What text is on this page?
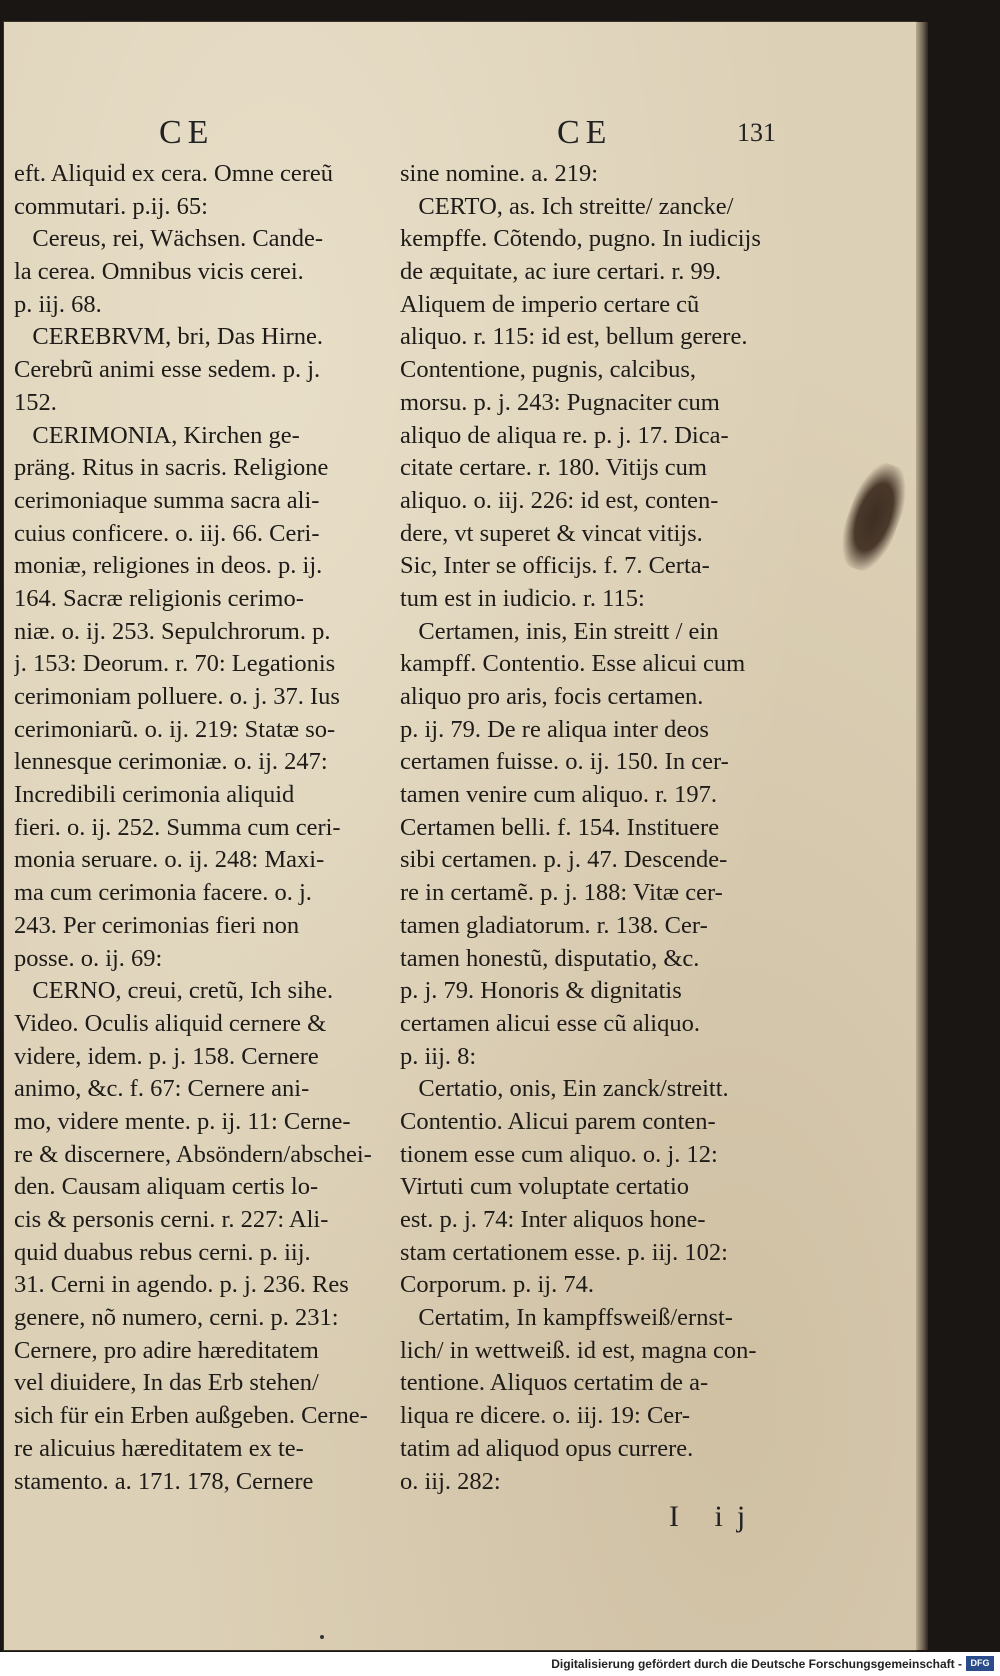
CE	CE	131
eft. Aliquid ex cera. Omne cereũ
commutari. p.ij. 65:
Cereus, rei, Wächsen. Cande-
la cerea. Omnibus vicis cerei.
p. iij. 68.
CEREBRVM, bri, Das Hirne.
Cerebrũ animi esse sedem. p. j.
152.
CERIMONIA, Kirchen ge-
präng. Ritus in sacris. Religione
cerimoniaque summa sacra ali-
cuius conficere. o. iij. 66. Ceri-
moniæ, religiones in deos. p. ij.
164. Sacræ religionis cerimo-
niæ. o. ij. 253. Sepulchrorum. p.
j. 153: Deorum. r. 70: Legationis
cerimoniam polluere. o. j. 37. Ius
cerimoniarũ. o. ij. 219: Statæ so-
lennesque cerimoniæ. o. ij. 247:
Incredibili cerimonia aliquid
fieri. o. ij. 252. Summa cum ceri-
monia seruare. o. ij. 248: Maxi-
ma cum cerimonia facere. o. j.
243. Per cerimonias fieri non
posse. o. ij. 69:
CERNO, creui, cretũ, Ich sihe.
Video. Oculis aliquid cernere &
videre, idem. p. j. 158. Cernere
animo, &c. f. 67: Cernere ani-
mo, videre mente. p. ij. 11: Cerne-
re & discernere, Absöndern/abschei-
den. Causam aliquam certis lo-
cis & personis cerni. r. 227: Ali-
quid duabus rebus cerni. p. iij.
31. Cerni in agendo. p. j. 236. Res
genere, nõ numero, cerni. p. 231:
Cernere, pro adire hæreditatem
vel diuidere, In das Erb stehen/
sich für ein Erben außgeben. Cerne-
re alicuius hæreditatem ex te-
stamento. a. 171. 178, Cernere
sine nomine. a. 219:
CERTO, as. Ich streitte/ zancke/
kempffe. Cõtendo, pugno. In iudicijs
de æquitate, ac iure certari. r. 99.
Aliquem de imperio certare cũ
aliquo. r. 115: id est, bellum gerere.
Contentione, pugnis, calcibus,
morsu. p. j. 243: Pugnaciter cum
aliquo de aliqua re. p. j. 17. Dica-
citate certare. r. 180. Vitijs cum
aliquo. o. iij. 226: id est, conten-
dere, vt superet & vincat vitijs.
Sic, Inter se officijs. f. 7. Certa-
tum est in iudicio. r. 115:
Certamen, inis, Ein streitt / ein
kampff. Contentio. Esse alicui cum
aliquo pro aris, focis certamen.
p. ij. 79. De re aliqua inter deos
certamen fuisse. o. ij. 150. In cer-
tamen venire cum aliquo. r. 197.
Certamen belli. f. 154. Instituere
sibi certamen. p. j. 47. Descende-
re in certamẽ. p. j. 188: Vitæ cer-
tamen gladiatorum. r. 138. Cer-
tamen honestũ, disputatio, &c.
p. j. 79. Honoris & dignitatis
certamen alicui esse cũ aliquo.
p. iij. 8:
Certatio, onis, Ein zanck/streitt.
Contentio. Alicui parem conten-
tionem esse cum aliquo. o. j. 12:
Virtuti cum voluptate certatio
est. p. j. 74: Inter aliquos hone-
stam certationem esse. p. iij. 102:
Corporum. p. ij. 74.
Certatim, In kampffsweiß/ernst-
lich/ in wettweiß. id est, magna con-
tentione. Aliquos certatim de a-
liqua re dicere. o. iij. 19: Cer-
tatim ad aliquod opus currere.
o. iij. 282:
I ij
Digitalisierung gefördert durch die Deutsche Forschungsgemeinschaft - DFG
